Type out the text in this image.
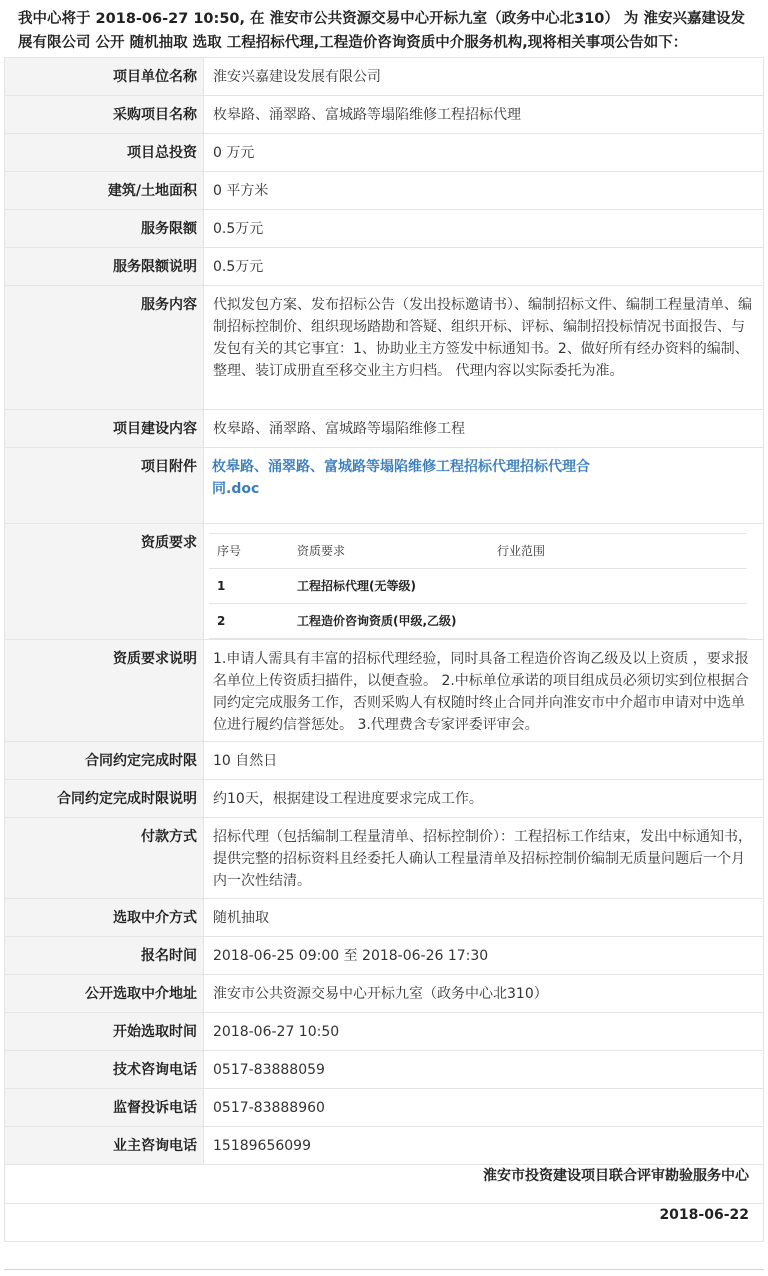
我中心将于 2018-06-27 10:50, 在 淮安市公共资源交易中心开标九室（政务中心北310） 为 淮安兴嘉建设发展有限公司 公开 随机抽取 选取 工程招标代理,工程造价咨询资质中介服务机构,现将相关事项公告如下：
项目单位名称	淮安兴嘉建设发展有限公司
采购项目名称	枚皋路、涌翠路、富城路等塌陷维修工程招标代理
项目总投资	0 万元
建筑/土地面积	0 平方米
服务限额	0.5万元
服务限额说明	0.5万元
服务内容	代拟发包方案、发布招标公告（发出投标邀请书）、编制招标文件、编制工程量清单、编制招标控制价、组织现场踏勘和答疑、组织开标、评标、编制招投标情况书面报告、与发包有关的其它事宜：1、协助业主方签发中标通知书。2、做好所有经办资料的编制、整理、装订成册直至移交业主方归档。 代理内容以实际委托为准。
项目建设内容	枚皋路、涌翠路、富城路等塌陷维修工程
项目附件	枚皋路、涌翠路、富城路等塌陷维修工程招标代理招标代理合同.doc

资质要求	序号	资质要求	行业范围
1	工程招标代理(无等级)	
2	工程造价咨询资质(甲级,乙级)	

资质要求说明	1.申请人需具有丰富的招标代理经验，同时具备工程造价咨询乙级及以上资质 ，要求报名单位上传资质扫描件，以便查验。 2.中标单位承诺的项目组成员必须切实到位根据合同约定完成服务工作，否则采购人有权随时终止合同并向淮安市中介超市申请对中选单位进行履约信誉惩处。 3.代理费含专家评委评审会。
合同约定完成时限	10 自然日
合同约定完成时限说明	约10天，根据建设工程进度要求完成工作。
付款方式	招标代理（包括编制工程量清单、招标控制价）：工程招标工作结束，发出中标通知书，提供完整的招标资料且经委托人确认工程量清单及招标控制价编制无质量问题后一个月内一次性结清。
选取中介方式	随机抽取
报名时间	2018-06-25 09:00 至 2018-06-26 17:30
公开选取中介地址	淮安市公共资源交易中心开标九室（政务中心北310）
开始选取时间	2018-06-27 10:50
技术咨询电话	0517-83888059
监督投诉电话	0517-83888960
业主咨询电话	15189656099
淮安市投资建设项目联合评审勘验服务中心
2018-06-22
